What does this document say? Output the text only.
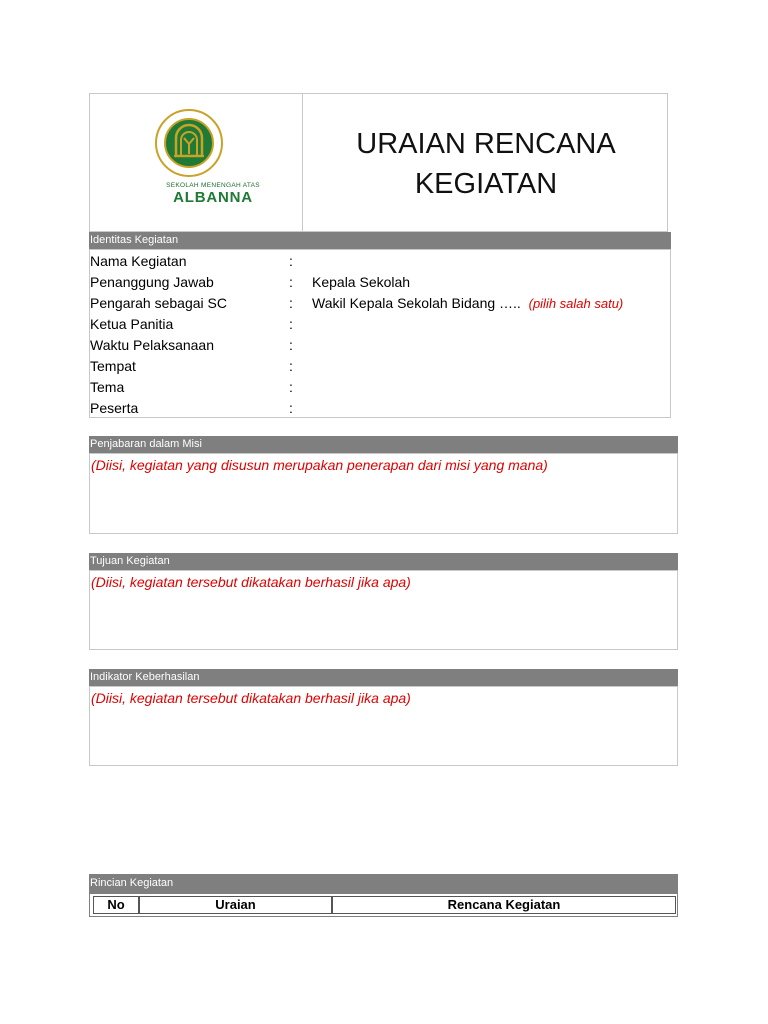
SEKOLAH MENENGAH ATAS
ALBANNA
URAIAN RENCANA
KEGIATAN
Identitas Kegiatan
Nama Kegiatan	:
Penanggung Jawab	: Kepala Sekolah
Pengarah sebagai SC	: Wakil Kepala Sekolah Bidang ….. (pilih salah satu)
Ketua Panitia	:
Waktu Pelaksanaan	:
Tempat	:
Tema	:
Peserta	:
Penjabaran dalam Misi
(Diisi, kegiatan yang disusun merupakan penerapan dari misi yang mana)
Tujuan Kegiatan
(Diisi, kegiatan tersebut dikatakan berhasil jika apa)
Indikator Keberhasilan
(Diisi, kegiatan tersebut dikatakan berhasil jika apa)
Rincian Kegiatan
No	Uraian	Rencana Kegiatan
